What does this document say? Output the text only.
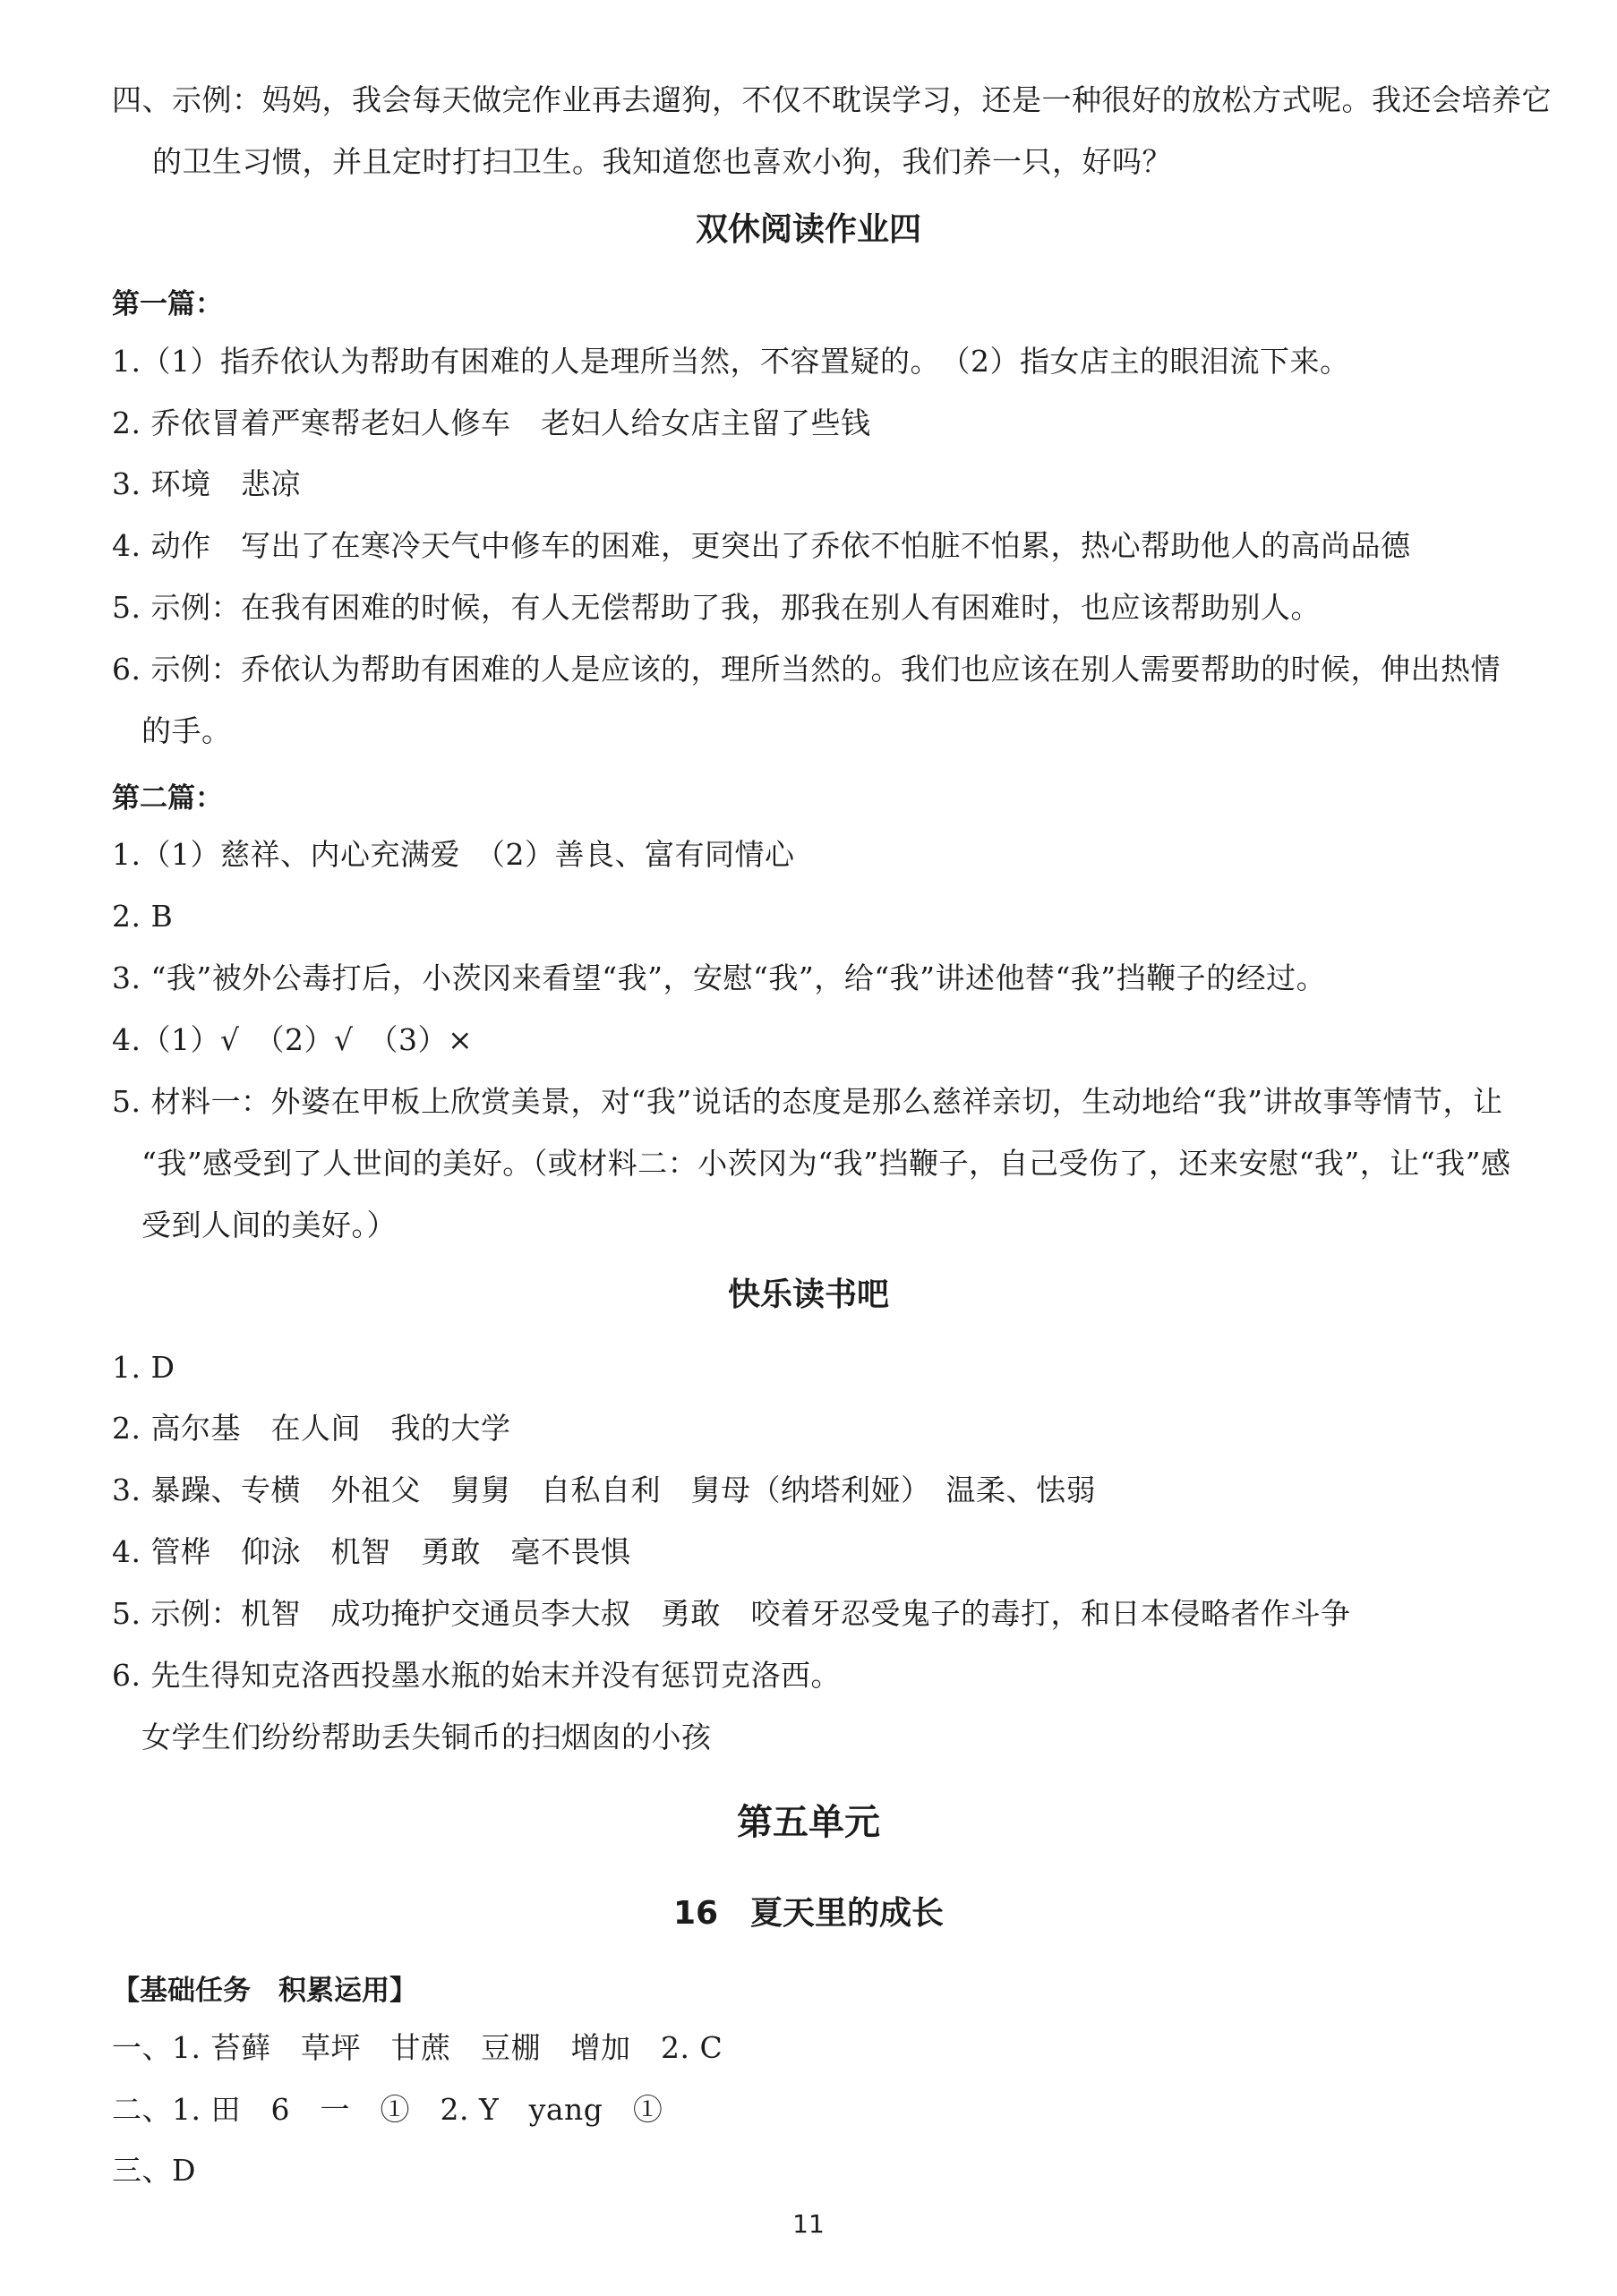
四、示例：妈妈，我会每天做完作业再去遛狗，不仅不耽误学习，还是一种很好的放松方式呢。我还会培养它
的卫生习惯，并且定时打扫卫生。我知道您也喜欢小狗，我们养一只，好吗？
双休阅读作业四
第一篇：
1.（1）指乔依认为帮助有困难的人是理所当然，不容置疑的。　（2）指女店主的眼泪流下来。
2. 乔依冒着严寒帮老妇人修车　老妇人给女店主留了些钱
3. 环境　悲凉
4. 动作　写出了在寒冷天气中修车的困难，更突出了乔依不怕脏不怕累，热心帮助他人的高尚品德
5. 示例：在我有困难的时候，有人无偿帮助了我，那我在别人有困难时，也应该帮助别人。
6. 示例：乔依认为帮助有困难的人是应该的，理所当然的。我们也应该在别人需要帮助的时候，伸出热情
的手。
第二篇：
1.（1）慈祥、内心充满爱　（2）善良、富有同情心
2. B
3. “我”被外公毒打后，小茨冈来看望“我”，安慰“我”，给“我”讲述他替“我”挡鞭子的经过。
4.（1）√　（2）√　（3）×
5. 材料一：外婆在甲板上欣赏美景，对“我”说话的态度是那么慈祥亲切，生动地给“我”讲故事等情节，让
“我”感受到了人世间的美好。（或材料二：小茨冈为“我”挡鞭子，自己受伤了，还来安慰“我”，让“我”感
受到人间的美好。）
快乐读书吧
1. D
2. 高尔基　在人间　我的大学
3. 暴躁、专横　外祖父　舅舅　自私自利　舅母（纳塔利娅）　温柔、怯弱
4. 管桦　仰泳　机智　勇敢　毫不畏惧
5. 示例：机智　成功掩护交通员李大叔　勇敢　咬着牙忍受鬼子的毒打，和日本侵略者作斗争
6. 先生得知克洛西投墨水瓶的始末并没有惩罚克洛西。
女学生们纷纷帮助丢失铜币的扫烟囱的小孩
第五单元
16　夏天里的成长
【基础任务　积累运用】
一、1. 苔藓　草坪　甘蔗　豆棚　增加　2. C
二、1. 田　6　一　①　2. Y　yang　①
三、D
11
